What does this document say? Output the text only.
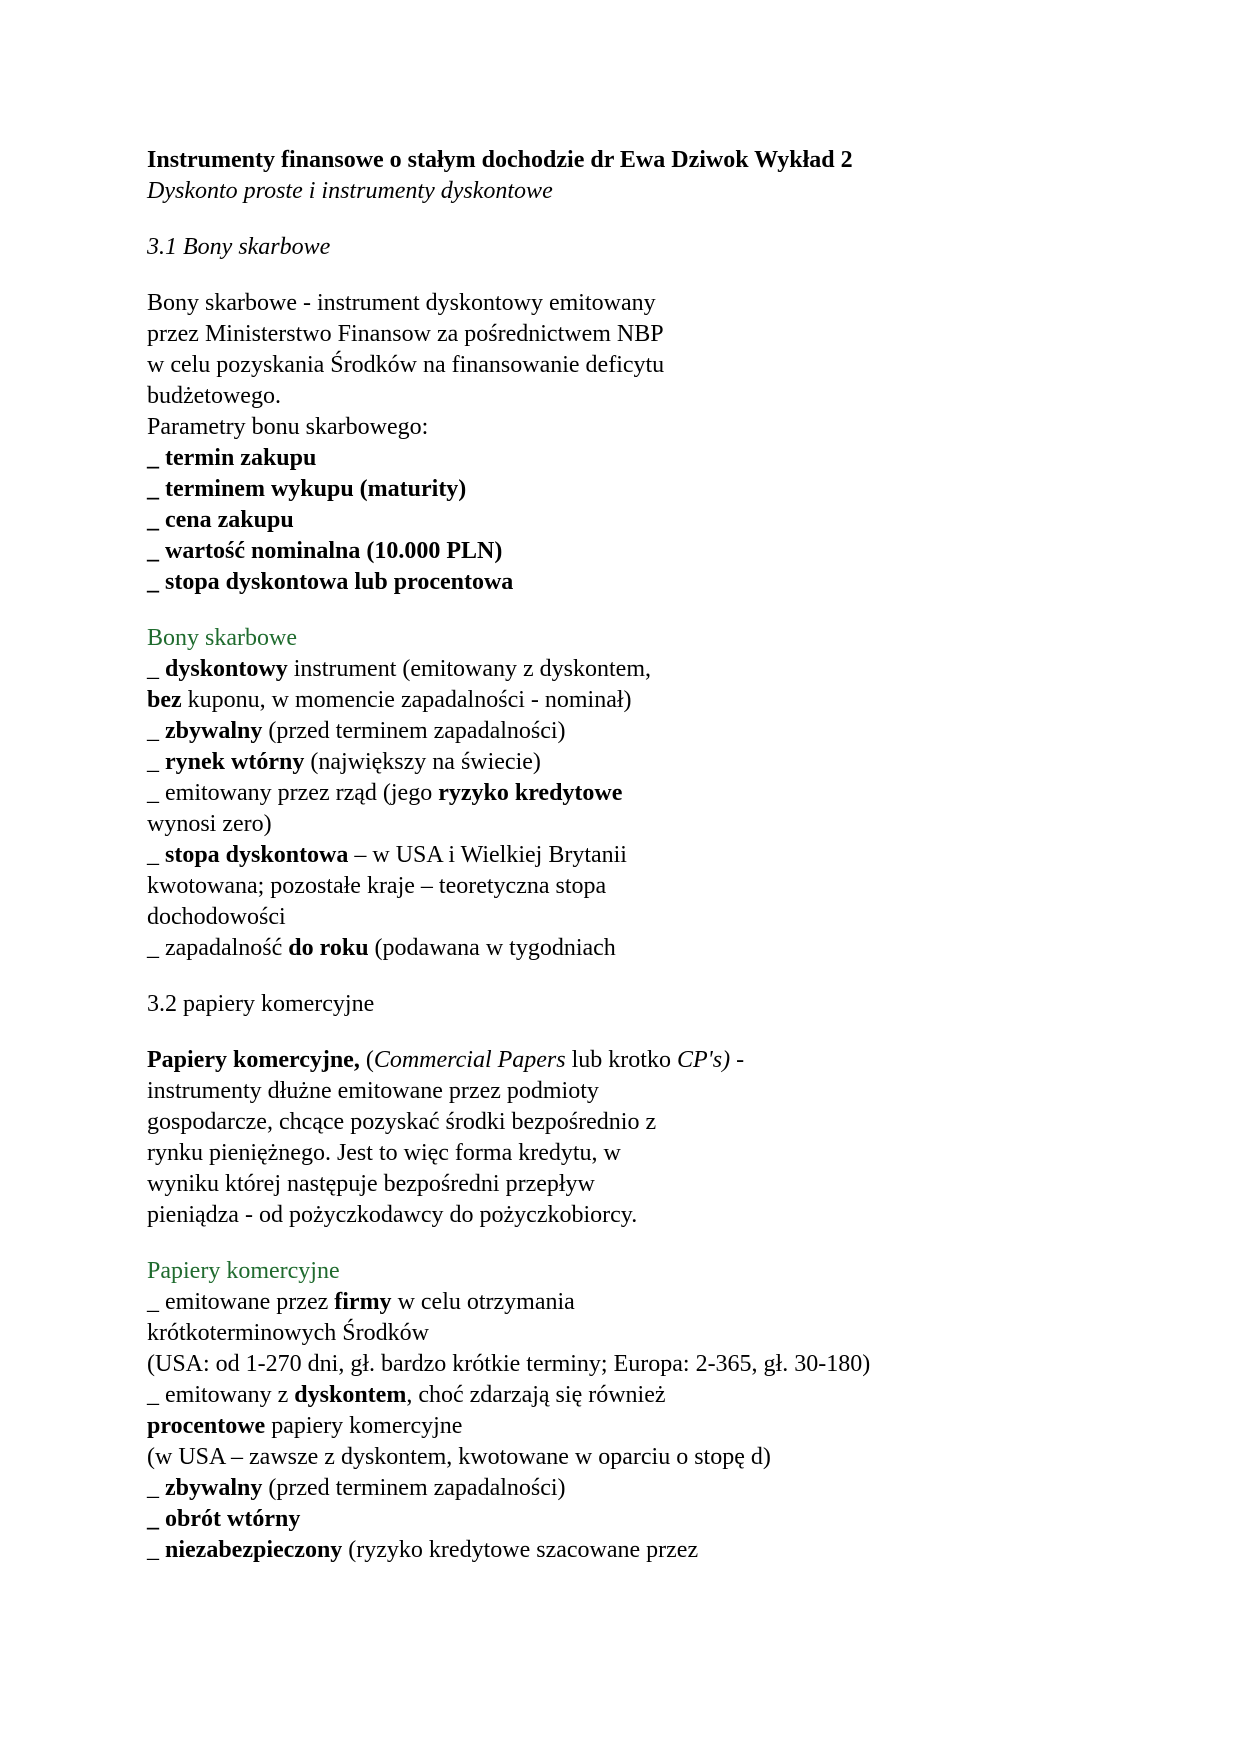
Instrumenty finansowe o stałym dochodzie dr Ewa Dziwok Wykład 2

Dyskonto proste i instrumenty dyskontowe

3.1 Bony skarbowe

Bony skarbowe - instrument dyskontowy emitowany

przez Ministerstwo Finansow za pośrednictwem NBP

w celu pozyskania Środków na finansowanie deficytu

budżetowego.

Parametry bonu skarbowego:

_ termin zakupu

_ terminem wykupu (maturity)

_ cena zakupu

_ wartość nominalna (10.000 PLN)

_ stopa dyskontowa lub procentowa

Bony skarbowe

_ dyskontowy instrument (emitowany z dyskontem,

bez kuponu, w momencie zapadalności - nominał)

_ zbywalny (przed terminem zapadalności)

_ rynek wtórny (największy na świecie)

_ emitowany przez rząd (jego ryzyko kredytowe

wynosi zero)

_ stopa dyskontowa – w USA i Wielkiej Brytanii

kwotowana; pozostałe kraje – teoretyczna stopa

dochodowości

_ zapadalność do roku (podawana w tygodniach

3.2 papiery komercyjne

Papiery komercyjne, (Commercial Papers lub krotko CP's) -

instrumenty dłużne emitowane przez podmioty

gospodarcze, chcące pozyskać środki bezpośrednio z

rynku pieniężnego. Jest to więc forma kredytu, w

wyniku której następuje bezpośredni przepływ

pieniądza - od pożyczkodawcy do pożyczkobiorcy.

Papiery komercyjne

_ emitowane przez firmy w celu otrzymania

krótkoterminowych Środków

(USA: od 1-270 dni, gł. bardzo krótkie terminy; Europa: 2-365, gł. 30-180)

_ emitowany z dyskontem, choć zdarzają się również

procentowe papiery komercyjne

(w USA – zawsze z dyskontem, kwotowane w oparciu o stopę d)

_ zbywalny (przed terminem zapadalności)

_ obrót wtórny

_ niezabezpieczony (ryzyko kredytowe szacowane przez
